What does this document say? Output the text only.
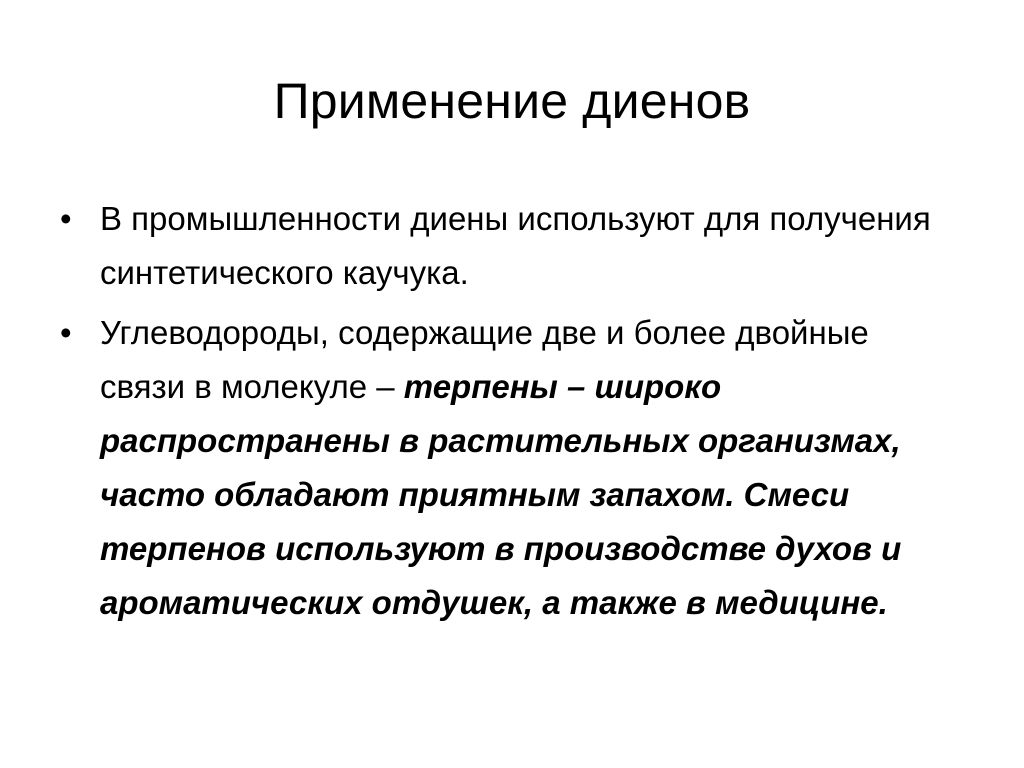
Применение диенов
• В промышленности диены используют для получения синтетического каучука.
• Углеводороды, содержащие две и более двойные связи в молекуле – терпены – широко распространены в растительных организмах, часто обладают приятным запахом. Смеси терпенов используют в производстве духов и ароматических отдушек, а также в медицине.
